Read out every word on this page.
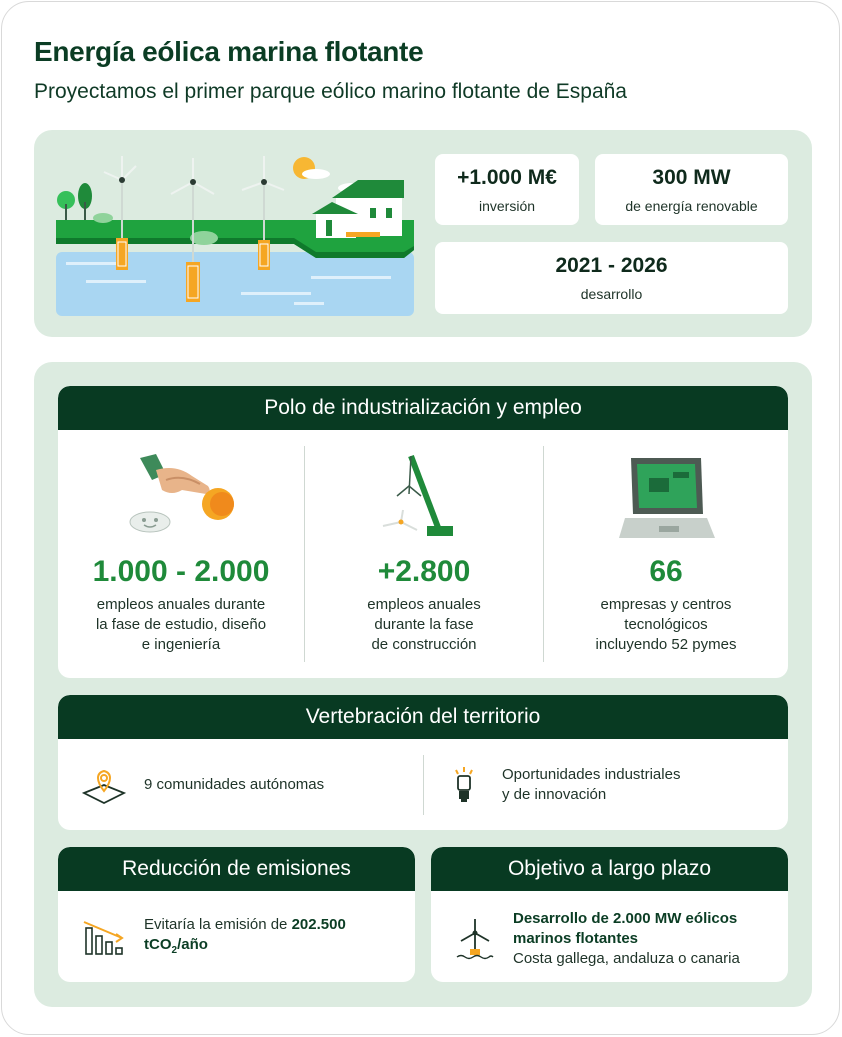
Energía eólica marina flotante
Proyectamos el primer parque eólico marino flotante de España
+1.000 M€
inversión
300 MW
de energía renovable
2021 - 2026
desarrollo
Polo de industrialización y empleo
1.000 - 2.000
empleos anuales durante
la fase de estudio, diseño
e ingeniería
+2.800
empleos anuales
durante la fase
de construcción
66
empresas y centros
tecnológicos
incluyendo 52 pymes
Vertebración del territorio
9 comunidades autónomas
Oportunidades industriales
y de innovación
Reducción de emisiones
Evitaría la emisión de 202.500
tCO$_2$/año
Objetivo a largo plazo
Desarrollo de 2.000 MW eólicos
marinos flotantes
Costa gallega, andaluza o canaria
